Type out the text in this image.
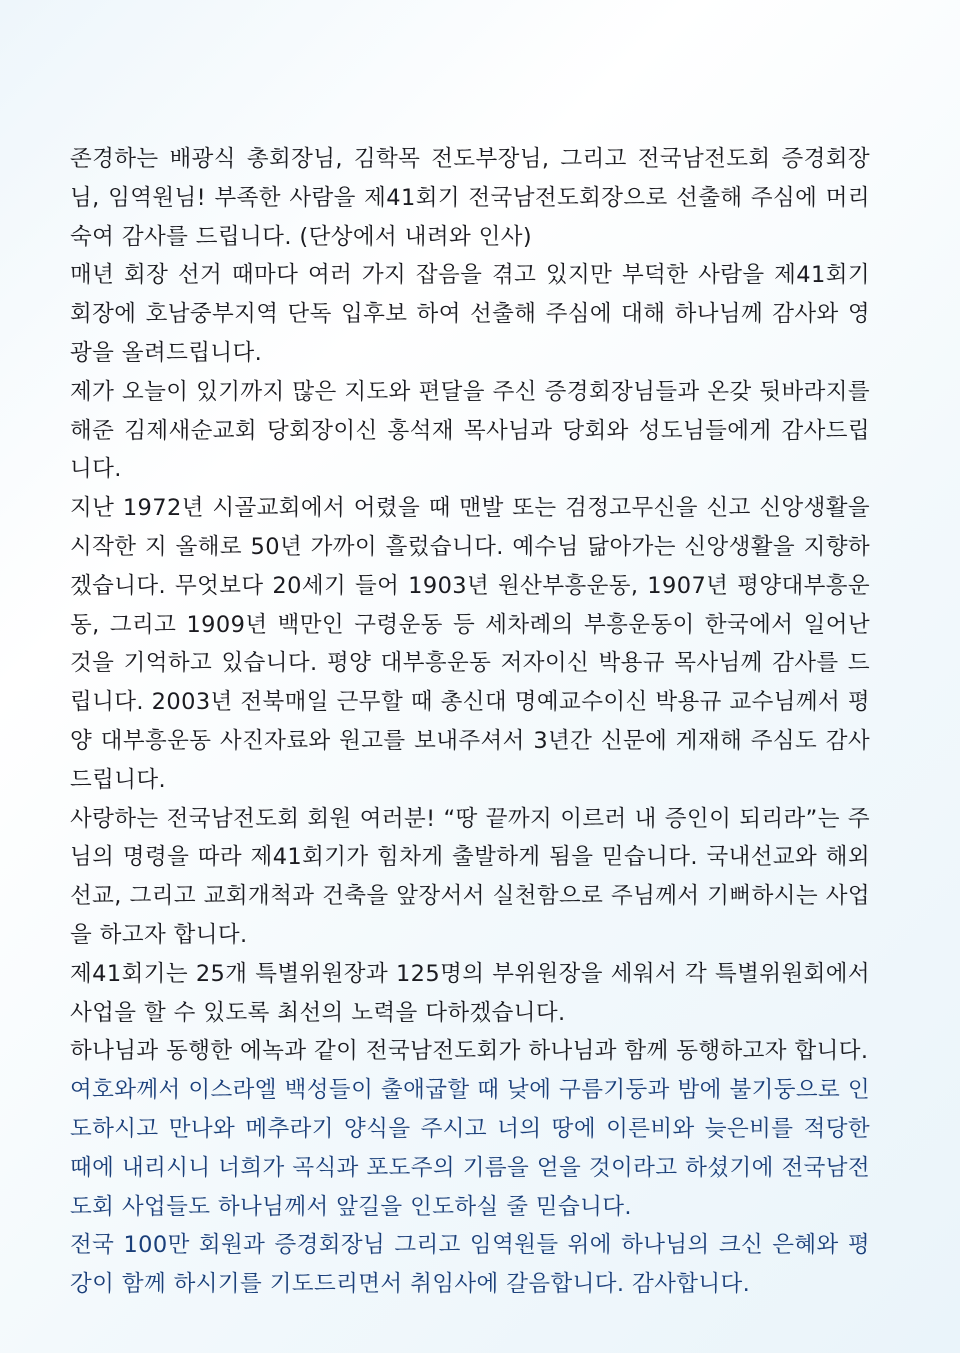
존경하는 배광식 총회장님, 김학목 전도부장님, 그리고 전국남전도회 증경회장님, 임역원님! 부족한 사람을 제41회기 전국남전도회장으로 선출해 주심에 머리 숙여 감사를 드립니다. (단상에서 내려와 인사)

매년 회장 선거 때마다 여러 가지 잡음을 겪고 있지만 부덕한 사람을 제41회기 회장에 호남중부지역 단독 입후보 하여 선출해 주심에 대해 하나님께 감사와 영광을 올려드립니다.

제가 오늘이 있기까지 많은 지도와 편달을 주신 증경회장님들과 온갖 뒷바라지를 해준 김제새순교회 당회장이신 홍석재 목사님과 당회와 성도님들에게 감사드립니다.

지난 1972년 시골교회에서 어렸을 때 맨발 또는 검정고무신을 신고 신앙생활을 시작한 지 올해로 50년 가까이 흘렀습니다. 예수님 닮아가는 신앙생활을 지향하겠습니다. 무엇보다 20세기 들어 1903년 원산부흥운동, 1907년 평양대부흥운동, 그리고 1909년 백만인 구령운동 등 세차례의 부흥운동이 한국에서 일어난 것을 기억하고 있습니다. 평양 대부흥운동 저자이신 박용규 목사님께 감사를 드립니다. 2003년 전북매일 근무할 때 총신대 명예교수이신 박용규 교수님께서 평양 대부흥운동 사진자료와 원고를 보내주셔서 3년간 신문에 게재해 주심도 감사드립니다.

사랑하는 전국남전도회 회원 여러분! “땅 끝까지 이르러 내 증인이 되리라”는 주님의 명령을 따라 제41회기가 힘차게 출발하게 됨을 믿습니다. 국내선교와 해외선교, 그리고 교회개척과 건축을 앞장서서 실천함으로 주님께서 기뻐하시는 사업을 하고자 합니다.

제41회기는 25개 특별위원장과 125명의 부위원장을 세워서 각 특별위원회에서 사업을 할 수 있도록 최선의 노력을 다하겠습니다.

하나님과 동행한 에녹과 같이 전국남전도회가 하나님과 함께 동행하고자 합니다.

여호와께서 이스라엘 백성들이 출애굽할 때 낮에 구름기둥과 밤에 불기둥으로 인도하시고 만나와 메추라기 양식을 주시고 너의 땅에 이른비와 늦은비를 적당한 때에 내리시니 너희가 곡식과 포도주의 기름을 얻을 것이라고 하셨기에 전국남전도회 사업들도 하나님께서 앞길을 인도하실 줄 믿습니다.

전국 100만 회원과 증경회장님 그리고 임역원들 위에 하나님의 크신 은혜와 평강이 함께 하시기를 기도드리면서 취임사에 갈음합니다. 감사합니다.
